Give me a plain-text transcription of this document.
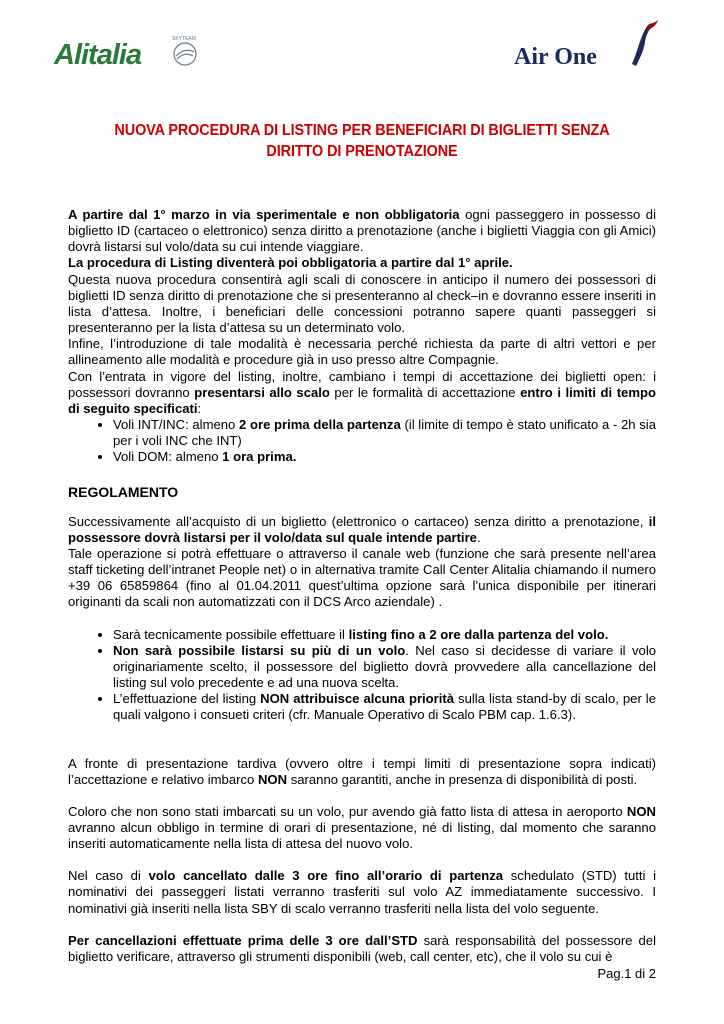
Alitalia	SKYTEAM
Air One
NUOVA PROCEDURA DI LISTING PER BENEFICIARI DI BIGLIETTI SENZA DIRITTO DI PRENOTAZIONE

A partire dal 1° marzo in via sperimentale e non obbligatoria ogni passeggero in possesso di biglietto ID (cartaceo o elettronico) senza diritto a prenotazione (anche i biglietti Viaggia con gli Amici) dovrà listarsi sul volo/data su cui intende viaggiare.

La procedura di Listing diventerà poi obbligatoria a partire dal 1° aprile.

Questa nuova procedura consentirà agli scali di conoscere in anticipo il numero dei possessori di biglietti ID senza diritto di prenotazione che si presenteranno al check–in e dovranno essere inseriti in lista d’attesa. Inoltre, i beneficiari delle concessioni potranno sapere quanti passeggeri si presenteranno per la lista d’attesa su un determinato volo.

Infine, l’introduzione di tale modalità è necessaria perché richiesta da parte di altri vettori e per allineamento alle modalità e procedure già in uso presso altre Compagnie.

Con l’entrata in vigore del listing, inoltre, cambiano i tempi di accettazione dei biglietti open: i possessori dovranno presentarsi allo scalo per le formalità di accettazione entro i limiti di tempo di seguito specificati:

• Voli INT/INC: almeno 2 ore prima della partenza (il limite di tempo è stato unificato a - 2h sia per i voli INC che INT)
• Voli DOM: almeno 1 ora prima.

REGOLAMENTO

Successivamente all’acquisto di un biglietto (elettronico o cartaceo) senza diritto a prenotazione, il possessore dovrà listarsi per il volo/data sul quale intende partire.

Tale operazione si potrà effettuare o attraverso il canale web (funzione che sarà presente nell’area staff ticketing dell’intranet People net) o in alternativa tramite Call Center Alitalia chiamando il numero +39 06 65859864 (fino al 01.04.2011 quest’ultima opzione sarà l’unica disponibile per itinerari originanti da scali non automatizzati con il DCS Arco aziendale) .

• Sarà tecnicamente possibile effettuare il listing fino a 2 ore dalla partenza del volo.
• Non sarà possibile listarsi su più di un volo. Nel caso si decidesse di variare il volo originariamente scelto, il possessore del biglietto dovrà provvedere alla cancellazione del listing sul volo precedente e ad una nuova scelta.
• L’effettuazione del listing NON attribuisce alcuna priorità sulla lista stand-by di scalo, per le quali valgono i consueti criteri (cfr. Manuale Operativo di Scalo PBM cap. 1.6.3).

A fronte di presentazione tardiva (ovvero oltre i tempi limiti di presentazione sopra indicati) l’accettazione e relativo imbarco NON saranno garantiti, anche in presenza di disponibilità di posti.

Coloro che non sono stati imbarcati su un volo, pur avendo già fatto lista di attesa in aeroporto NON avranno alcun obbligo in termine di orari di presentazione, né di listing, dal momento che saranno inseriti automaticamente nella lista di attesa del nuovo volo.

Nel caso di volo cancellato dalle 3 ore fino all’orario di partenza schedulato (STD) tutti i nominativi dei passeggeri listati verranno trasferiti sul volo AZ immediatamente successivo. I nominativi già inseriti nella lista SBY di scalo verranno trasferiti nella lista del volo seguente.

Per cancellazioni effettuate prima delle 3 ore dall’STD sarà responsabilità del possessore del biglietto verificare, attraverso gli strumenti disponibili (web, call center, etc), che il volo su cui è

Pag.1 di 2
